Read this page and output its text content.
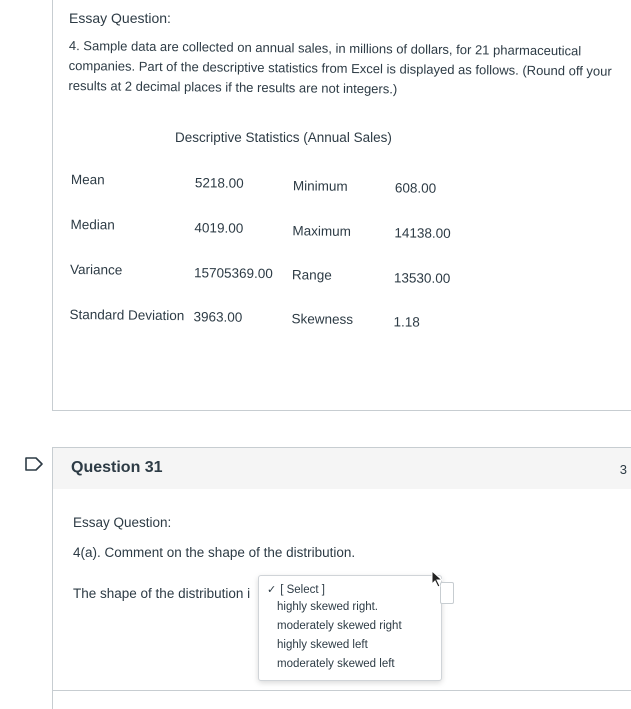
Essay Question:
4. Sample data are collected on annual sales, in millions of dollars, for 21 pharmaceutical companies. Part of the descriptive statistics from Excel is displayed as follows. (Round off your results at 2 decimal places if the results are not integers.)
Descriptive Statistics (Annual Sales)
Mean	5218.00	Minimum	608.00
Median	4019.00	Maximum	14138.00
Variance	15705369.00 Range	13530.00
Standard Deviation 3963.00	Skewness	1.18
Question 31	3
Essay Question:
4(a). Comment on the shape of the distribution.
The shape of the distribution i ✓ [ Select ]
highly skewed right.
moderately skewed right
highly skewed left
moderately skewed left
